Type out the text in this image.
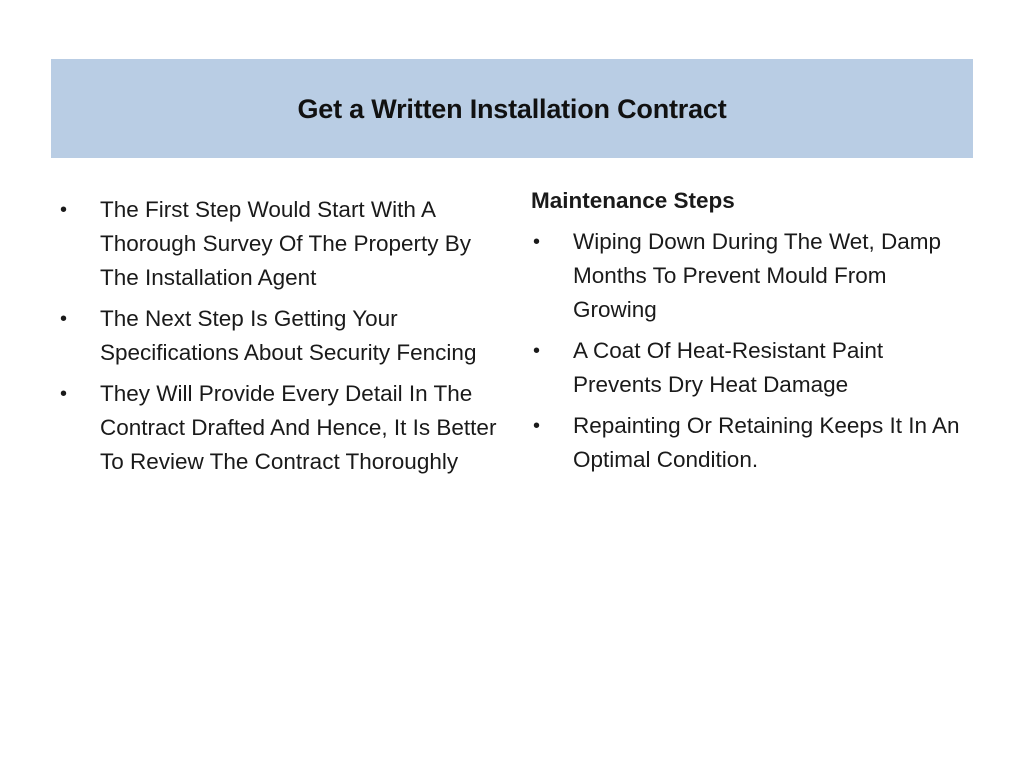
Get a Written Installation Contract
•	The First Step Would Start With A Thorough Survey Of The Property By The Installation Agent
•	The Next Step Is Getting Your Specifications About Security Fencing
•	They Will Provide Every Detail In The Contract Drafted And Hence, It Is Better To Review The Contract Thoroughly
Maintenance Steps
•	Wiping Down During The Wet, Damp Months To Prevent Mould From Growing
•	A Coat Of Heat-Resistant Paint Prevents Dry Heat Damage
•	Repainting Or Retaining Keeps It In An Optimal Condition.
